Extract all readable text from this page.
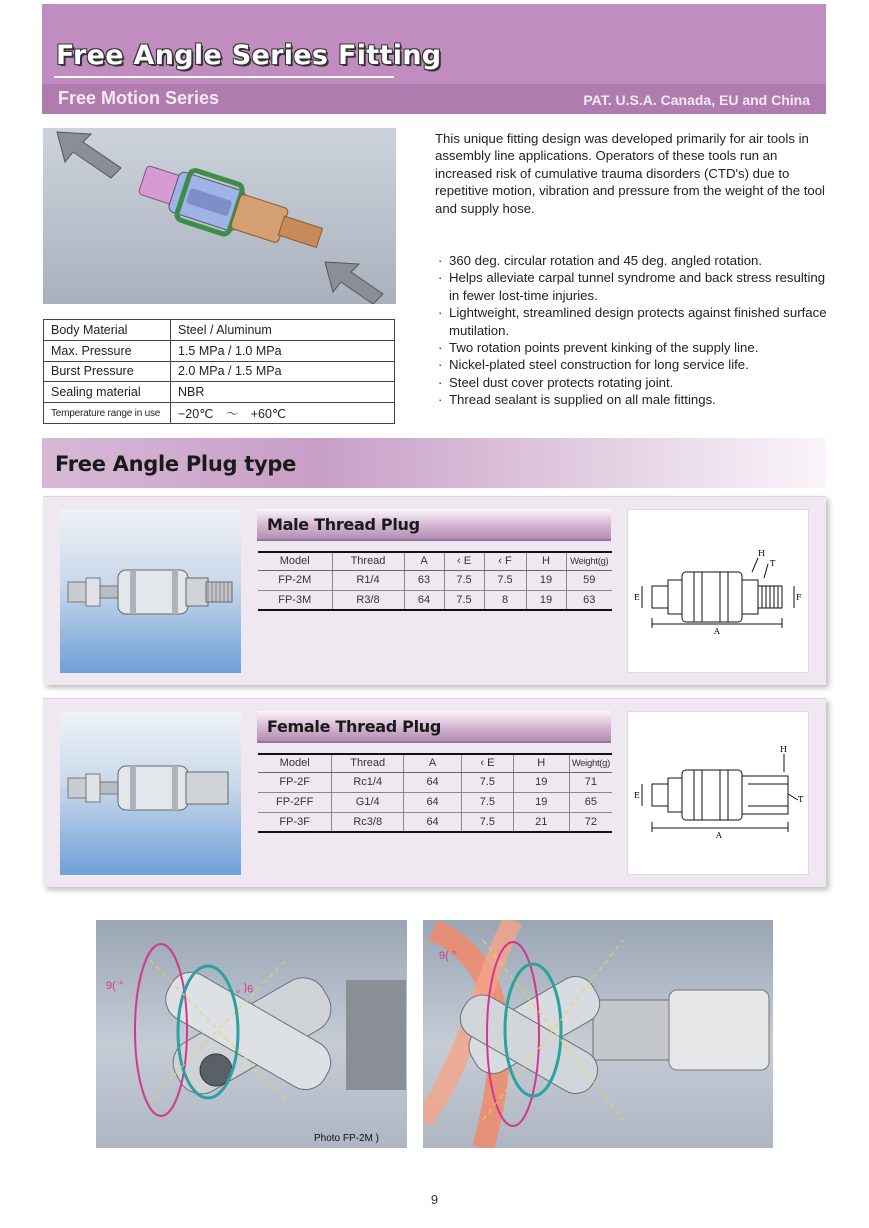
Free Angle Series Fitting
Free Motion Series	PAT. U.S.A. Canada, EU and China
Body Material	Steel / Aluminum
Max. Pressure	1.5 MPa / 1.0 MPa
Burst Pressure	2.0 MPa / 1.5 MPa
Sealing material	NBR
Temperature range in use	−20℃　～　+60℃

This unique fitting design was developed primarily for air tools in assembly line applications. Operators of these tools run an increased risk of cumulative trauma disorders (CTD's) due to repetitive motion, vibration and pressure from the weight of the tool and supply hose.

· 360 deg. circular rotation and 45 deg. angled rotation.
· Helps alleviate carpal tunnel syndrome and back stress resulting in fewer lost-time injuries.
· Lightweight, streamlined design protects against finished surface mutilation.
· Two rotation points prevent kinking of the supply line.
· Nickel-plated steel construction for long service life.
· Steel dust cover protects rotating joint.
· Thread sealant is supplied on all male fittings.
Free Angle Plug type
Male Thread Plug
Model	Thread	A	‹ E	‹ F	H	Weight(g)
FP-2M	R1/4	63	7.5	7.5	19	59
FP-3M	R3/8	64	7.5	8	19	63
H
T
E	F
A
Female Thread Plug
Model	Thread	A	‹ E	H	Weight(g)
FP-2F	Rc1/4	64	7.5	19	71
FP-2FF	G1/4	64	7.5	19	65
FP-3F	Rc3/8	64	7.5	21	72
H
T
E
A
9( °	9( °
Photo FP-2M )
9( °
9
